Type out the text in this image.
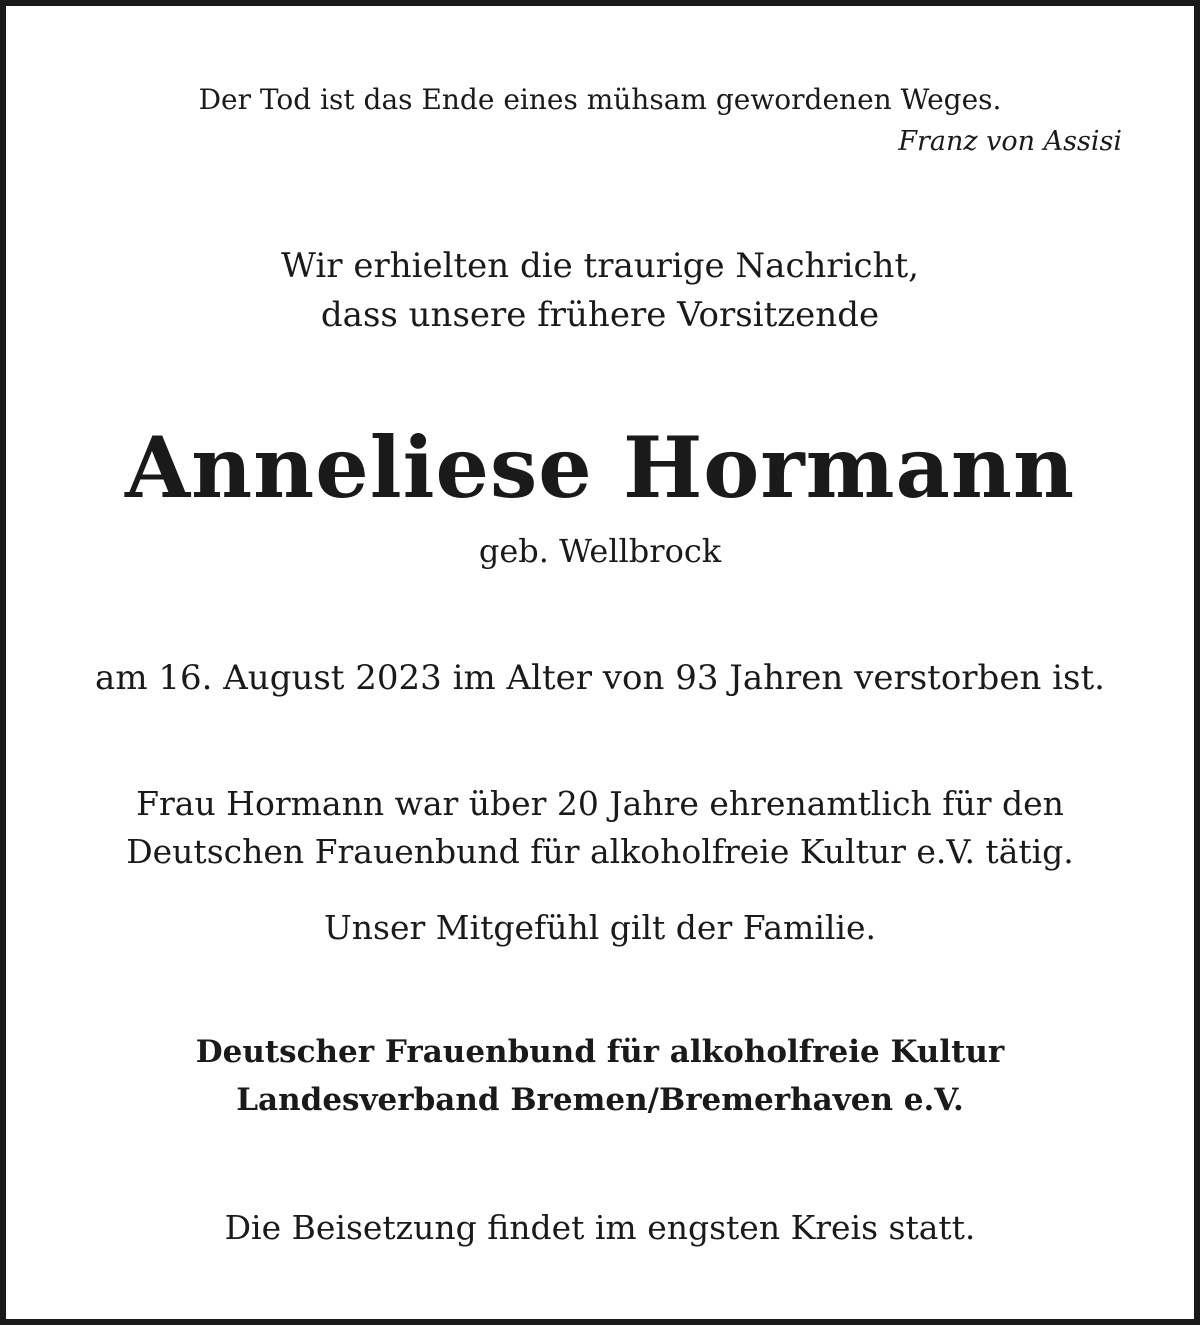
Der Tod ist das Ende eines mühsam gewordenen Weges.
Franz von Assisi
Wir erhielten die traurige Nachricht,
dass unsere frühere Vorsitzende
Anneliese Hormann
geb. Wellbrock
am 16. August 2023 im Alter von 93 Jahren verstorben ist.
Frau Hormann war über 20 Jahre ehrenamtlich für den
Deutschen Frauenbund für alkoholfreie Kultur e.V. tätig.
Unser Mitgefühl gilt der Familie.
Deutscher Frauenbund für alkoholfreie Kultur
Landesverband Bremen/Bremerhaven e.V.
Die Beisetzung findet im engsten Kreis statt.
